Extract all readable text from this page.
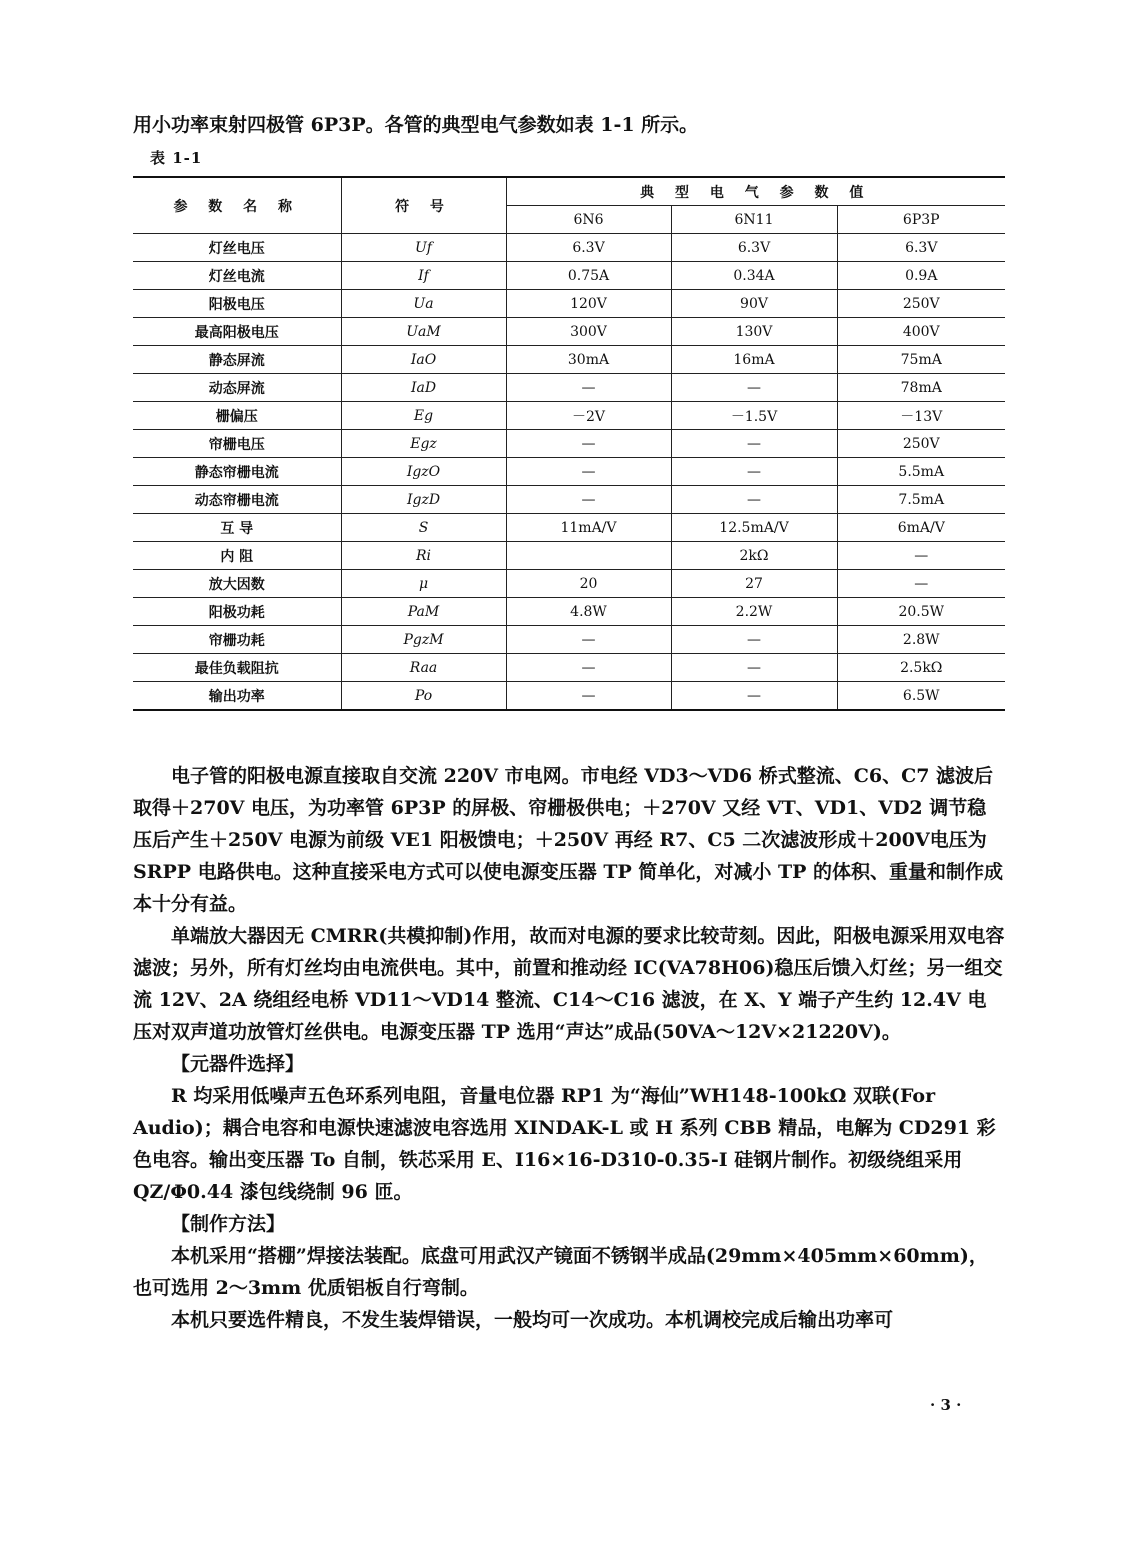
用小功率束射四极管 6P3P。各管的典型电气参数如表 1-1 所示。

表 1-1
参 数 名 称	符 号	典 型 电 气 参 数 值		
		6N6	6N11	6P3P
灯丝电压	Uf	6.3V	6.3V	6.3V
灯丝电流	If	0.75A	0.34A	0.9A
阳极电压	Ua	120V	90V	250V
最高阳极电压	UaM	300V	130V	400V
静态屏流	IaO	30mA	16mA	75mA
动态屏流	IaD	—	—	78mA
栅偏压	Eg	－2V	－1.5V	－13V
帘栅电压	Egz	—	—	250V
静态帘栅电流	IgzO	—	—	5.5mA
动态帘栅电流	IgzD	—	—	7.5mA
互 导	S	11mA/V	12.5mA/V	6mA/V
内 阻	Ri		2kΩ	—
放大因数	μ	20	27	—
阳极功耗	PaM	4.8W	2.2W	20.5W
帘栅功耗	PgzM	—	—	2.8W
最佳负载阻抗	Raa	—	—	2.5kΩ
输出功率	Po	—	—	6.5W

电子管的阳极电源直接取自交流 220V 市电网。市电经 VD3～VD6 桥式整流、C6、C7 滤波后取得＋270V 电压，为功率管 6P3P 的屏极、帘栅极供电；＋270V 又经 VT、VD1、VD2 调节稳压后产生＋250V 电源为前级 VE1 阳极馈电；＋250V 再经 R7、C5 二次滤波形成＋200V电压为 SRPP 电路供电。这种直接采电方式可以使电源变压器 TP 简单化，对减小 TP 的体积、重量和制作成本十分有益。

单端放大器因无 CMRR(共模抑制)作用，故而对电源的要求比较苛刻。因此，阳极电源采用双电容滤波；另外，所有灯丝均由电流供电。其中，前置和推动经 IC(VA78H06)稳压后馈入灯丝；另一组交流 12V、2A 绕组经电桥 VD11～VD14 整流、C14～C16 滤波，在 X、Y 端子产生约 12.4V 电压对双声道功放管灯丝供电。电源变压器 TP 选用“声达”成品(50VA～12V×21220V)。

【元器件选择】

R 均采用低噪声五色环系列电阻，音量电位器 RP1 为“海仙”WH148-100kΩ 双联(For Audio)；耦合电容和电源快速滤波电容选用 XINDAK-L 或 H 系列 CBB 精品，电解为 CD291 彩色电容。输出变压器 To 自制，铁芯采用 E、I16×16-D310-0.35-I 硅钢片制作。初级绕组采用 QZ/Φ0.44 漆包线绕制 96 匝。

【制作方法】

本机采用“搭棚”焊接法装配。底盘可用武汉产镜面不锈钢半成品(29mm×405mm×60mm)，也可选用 2～3mm 优质铝板自行弯制。

本机只要选件精良，不发生装焊错误，一般均可一次成功。本机调校完成后输出功率可

· 3 ·
